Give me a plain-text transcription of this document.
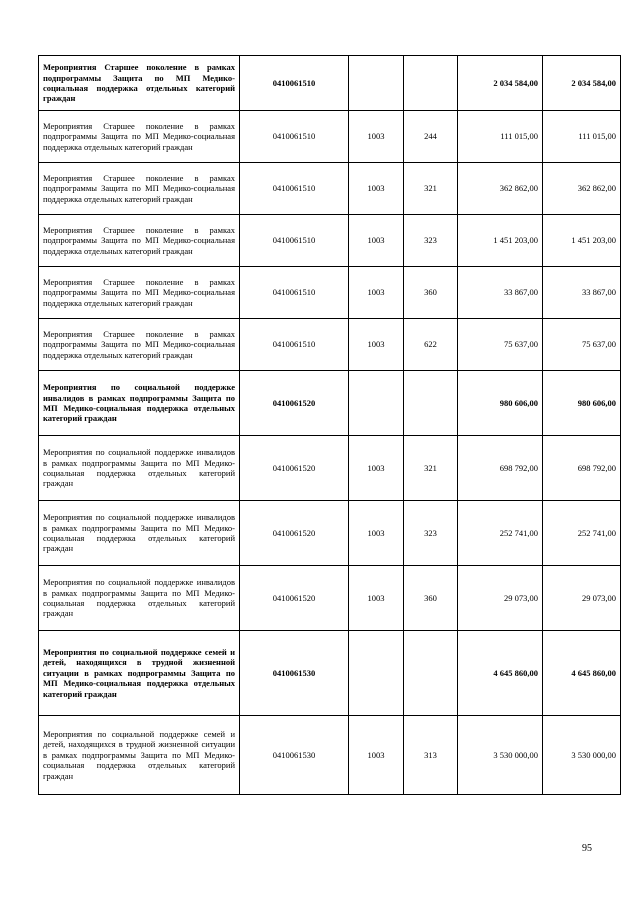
Мероприятия Старшее поколение в рамках подпрограммы Защита по МП Медико-социальная поддержка отдельных категорий граждан	0410061510			2 034 584,00	2 034 584,00
Мероприятия Старшее поколение в рамках подпрограммы Защита по МП Медико-социальная поддержка отдельных категорий граждан	0410061510	1003	244	111 015,00	111 015,00
Мероприятия Старшее поколение в рамках подпрограммы Защита по МП Медико-социальная поддержка отдельных категорий граждан	0410061510	1003	321	362 862,00	362 862,00
Мероприятия Старшее поколение в рамках подпрограммы Защита по МП Медико-социальная поддержка отдельных категорий граждан	0410061510	1003	323	1 451 203,00	1 451 203,00
Мероприятия Старшее поколение в рамках подпрограммы Защита по МП Медико-социальная поддержка отдельных категорий граждан	0410061510	1003	360	33 867,00	33 867,00
Мероприятия Старшее поколение в рамках подпрограммы Защита по МП Медико-социальная поддержка отдельных категорий граждан	0410061510	1003	622	75 637,00	75 637,00
Мероприятия по социальной поддержке инвалидов в рамках подпрограммы Защита по МП Медико-социальная поддержка отдельных категорий граждан	0410061520			980 606,00	980 606,00
Мероприятия по социальной поддержке инвалидов в рамках подпрограммы Защита по МП Медико-социальная поддержка отдельных категорий граждан	0410061520	1003	321	698 792,00	698 792,00
Мероприятия по социальной поддержке инвалидов в рамках подпрограммы Защита по МП Медико-социальная поддержка отдельных категорий граждан	0410061520	1003	323	252 741,00	252 741,00
Мероприятия по социальной поддержке инвалидов в рамках подпрограммы Защита по МП Медико-социальная поддержка отдельных категорий граждан	0410061520	1003	360	29 073,00	29 073,00
Мероприятия по социальной поддержке семей и детей, находящихся в трудной жизненной ситуации в рамках подпрограммы Защита по МП Медико-социальная поддержка отдельных категорий граждан	0410061530			4 645 860,00	4 645 860,00
Мероприятия по социальной поддержке семей и детей, находящихся в трудной жизненной ситуации в рамках подпрограммы Защита по МП Медико-социальная поддержка отдельных категорий граждан	0410061530	1003	313	3 530 000,00	3 530 000,00
95
